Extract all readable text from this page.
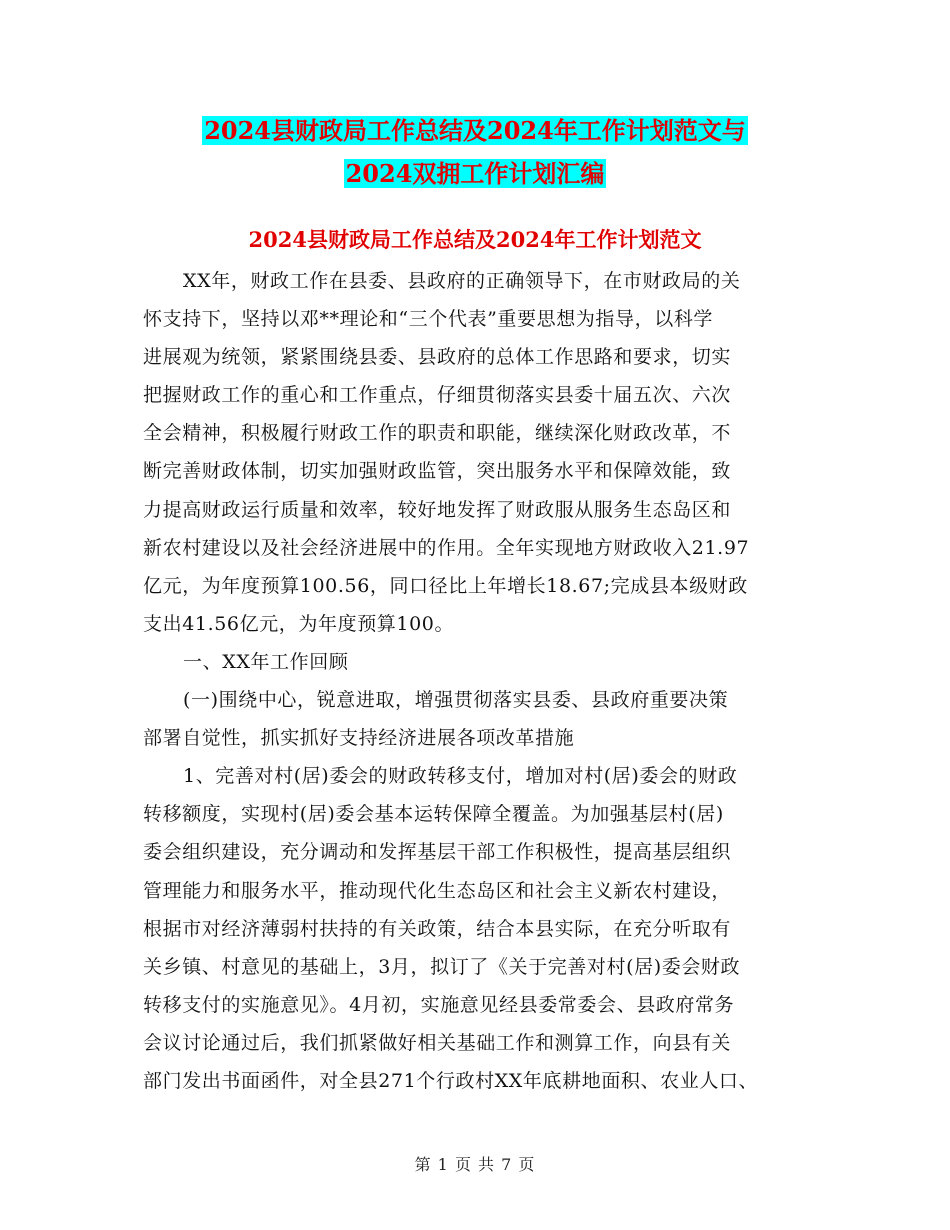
2024县财政局工作总结及2024年工作计划范文与
2024双拥工作计划汇编
2024县财政局工作总结及2024年工作计划范文
XX年，财政工作在县委、县政府的正确领导下，在市财政局的关
怀支持下，坚持以邓**理论和“三个代表”重要思想为指导，以科学
进展观为统领，紧紧围绕县委、县政府的总体工作思路和要求，切实
把握财政工作的重心和工作重点，仔细贯彻落实县委十届五次、六次
全会精神，积极履行财政工作的职责和职能，继续深化财政改革，不
断完善财政体制，切实加强财政监管，突出服务水平和保障效能，致
力提高财政运行质量和效率，较好地发挥了财政服从服务生态岛区和
新农村建设以及社会经济进展中的作用。全年实现地方财政收入21.97
亿元，为年度预算100.56，同口径比上年增长18.67;完成县本级财政
支出41.56亿元，为年度预算100。
一、XX年工作回顾
(一)围绕中心，锐意进取，增强贯彻落实县委、县政府重要决策
部署自觉性，抓实抓好支持经济进展各项改革措施
1、完善对村(居)委会的财政转移支付，增加对村(居)委会的财政
转移额度，实现村(居)委会基本运转保障全覆盖。为加强基层村(居)
委会组织建设，充分调动和发挥基层干部工作积极性，提高基层组织
管理能力和服务水平，推动现代化生态岛区和社会主义新农村建设，
根据市对经济薄弱村扶持的有关政策，结合本县实际，在充分听取有
关乡镇、村意见的基础上，3月，拟订了《关于完善对村(居)委会财政
转移支付的实施意见》。4月初，实施意见经县委常委会、县政府常务
会议讨论通过后，我们抓紧做好相关基础工作和测算工作，向县有关
部门发出书面函件，对全县271个行政村XX年底耕地面积、农业人口、
第 1 页 共 7 页
